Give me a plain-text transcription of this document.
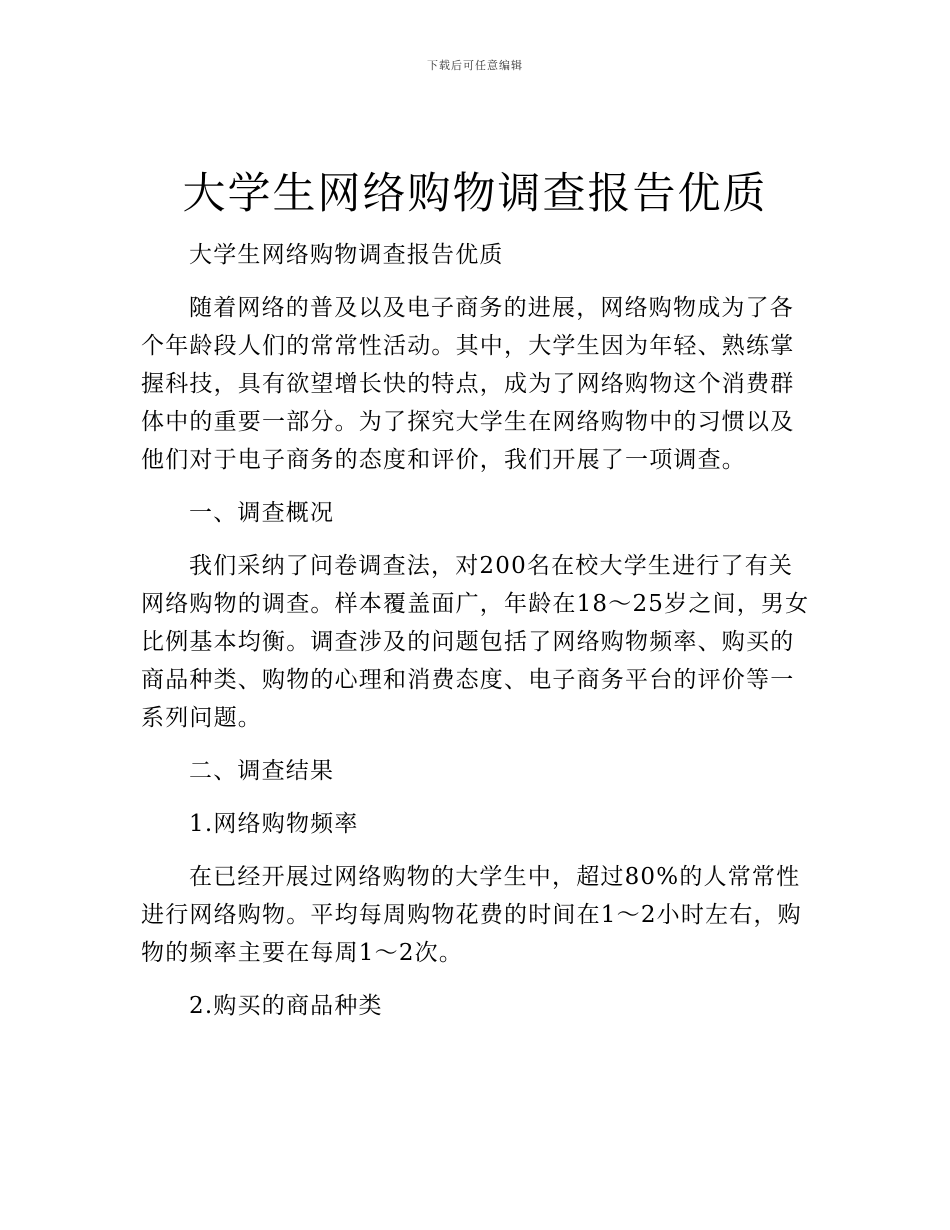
下载后可任意编辑
大学生网络购物调查报告优质

大学生网络购物调查报告优质

随着网络的普及以及电子商务的进展，网络购物成为了各个年龄段人们的常常性活动。其中，大学生因为年轻、熟练掌握科技，具有欲望增长快的特点，成为了网络购物这个消费群体中的重要一部分。为了探究大学生在网络购物中的习惯以及他们对于电子商务的态度和评价，我们开展了一项调查。

一、调查概况

我们采纳了问卷调查法，对200名在校大学生进行了有关网络购物的调查。样本覆盖面广，年龄在18～25岁之间，男女比例基本均衡。调查涉及的问题包括了网络购物频率、购买的商品种类、购物的心理和消费态度、电子商务平台的评价等一系列问题。

二、调查结果

1.网络购物频率

在已经开展过网络购物的大学生中，超过80%的人常常性进行网络购物。平均每周购物花费的时间在1～2小时左右，购物的频率主要在每周1～2次。

2.购买的商品种类
